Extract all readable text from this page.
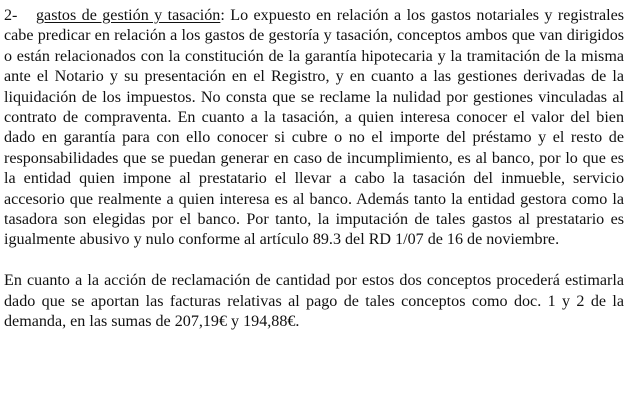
2- gastos de gestión y tasación: Lo expuesto en relación a los gastos notariales y registrales cabe predicar en relación a los gastos de gestoría y tasación, conceptos ambos que van dirigidos o están relacionados con la constitución de la garantía hipotecaria y la tramitación de la misma ante el Notario y su presentación en el Registro, y en cuanto a las gestiones derivadas de la liquidación de los impuestos. No consta que se reclame la nulidad por gestiones vinculadas al contrato de compraventa. En cuanto a la tasación, a quien interesa conocer el valor del bien dado en garantía para con ello conocer si cubre o no el importe del préstamo y el resto de responsabilidades que se puedan generar en caso de incumplimiento, es al banco, por lo que es la entidad quien impone al prestatario el llevar a cabo la tasación del inmueble, servicio accesorio que realmente a quien interesa es al banco. Además tanto la entidad gestora como la tasadora son elegidas por el banco. Por tanto, la imputación de tales gastos al prestatario es igualmente abusivo y nulo conforme al artículo 89.3 del RD 1/07 de 16 de noviembre.

En cuanto a la acción de reclamación de cantidad por estos dos conceptos procederá estimarla dado que se aportan las facturas relativas al pago de tales conceptos como doc. 1 y 2 de la demanda, en las sumas de 207,19€ y 194,88€.
